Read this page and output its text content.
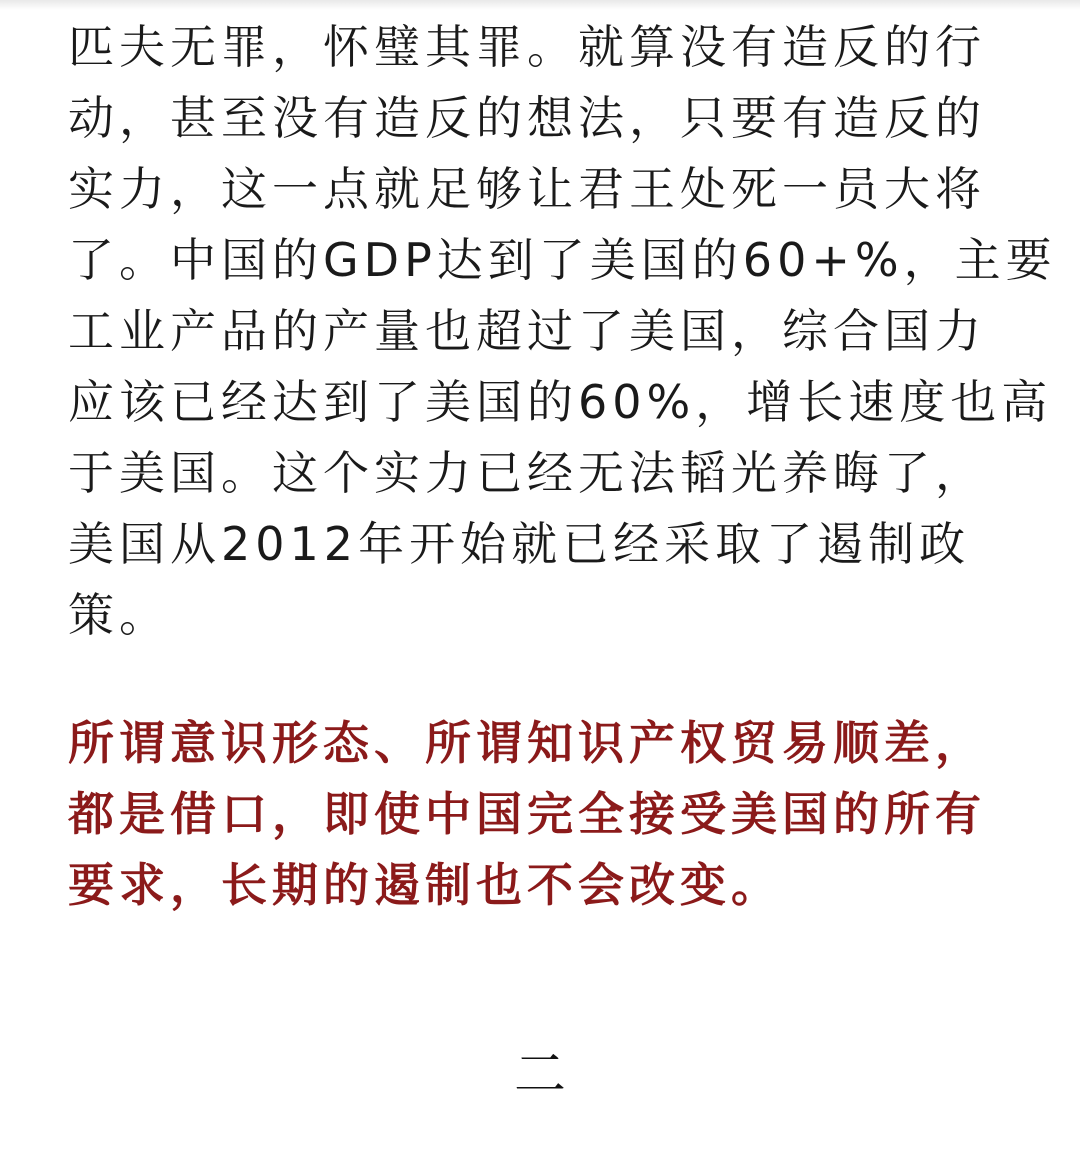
匹夫无罪，怀璧其罪。就算没有造反的行
动，甚至没有造反的想法，只要有造反的
实力，这一点就足够让君王处死一员大将
了。中国的GDP达到了美国的60+%，主要
工业产品的产量也超过了美国，综合国力
应该已经达到了美国的60%，增长速度也高
于美国。这个实力已经无法韬光养晦了，
美国从2012年开始就已经采取了遏制政
策。
所谓意识形态、所谓知识产权贸易顺差，
都是借口，即使中国完全接受美国的所有
要求，长期的遏制也不会改变。
二
